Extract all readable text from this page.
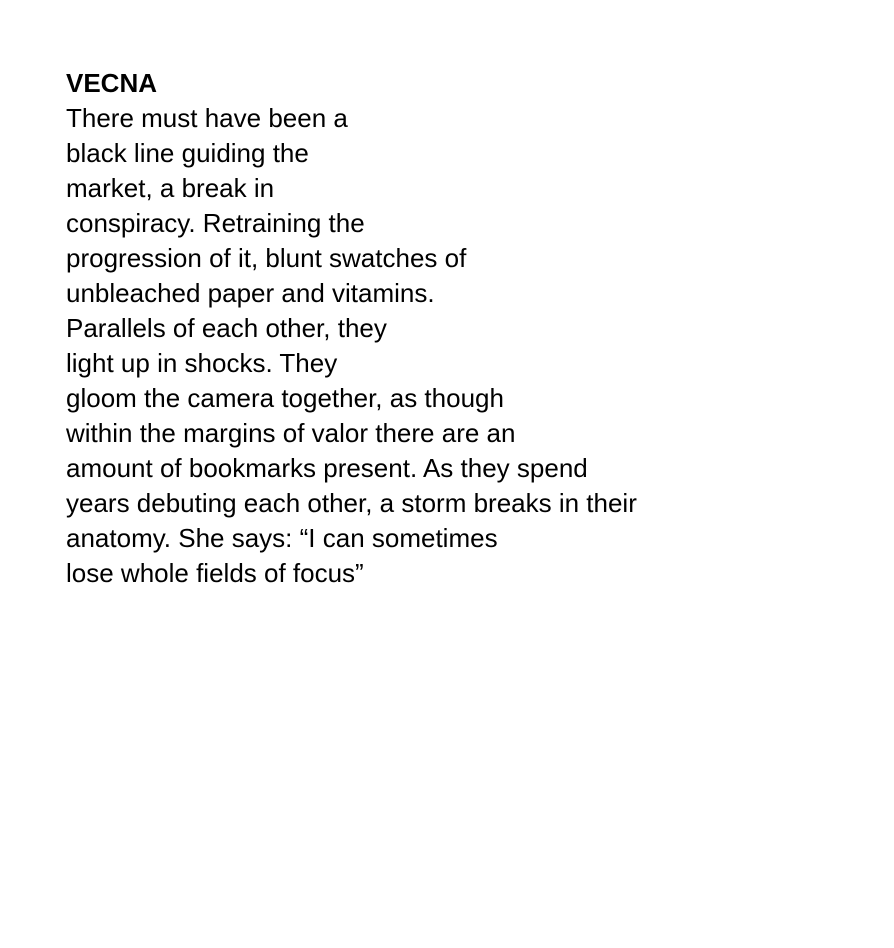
VECNA
There must have been a
black line guiding the
market, a break in
conspiracy. Retraining the
progression of it, blunt swatches of
unbleached paper and vitamins.
Parallels of each other, they
light up in shocks. They
gloom the camera together, as though
within the margins of valor there are an
amount of bookmarks present. As they spend
years debuting each other, a storm breaks in their
anatomy. She says: “I can sometimes
lose whole fields of focus”
